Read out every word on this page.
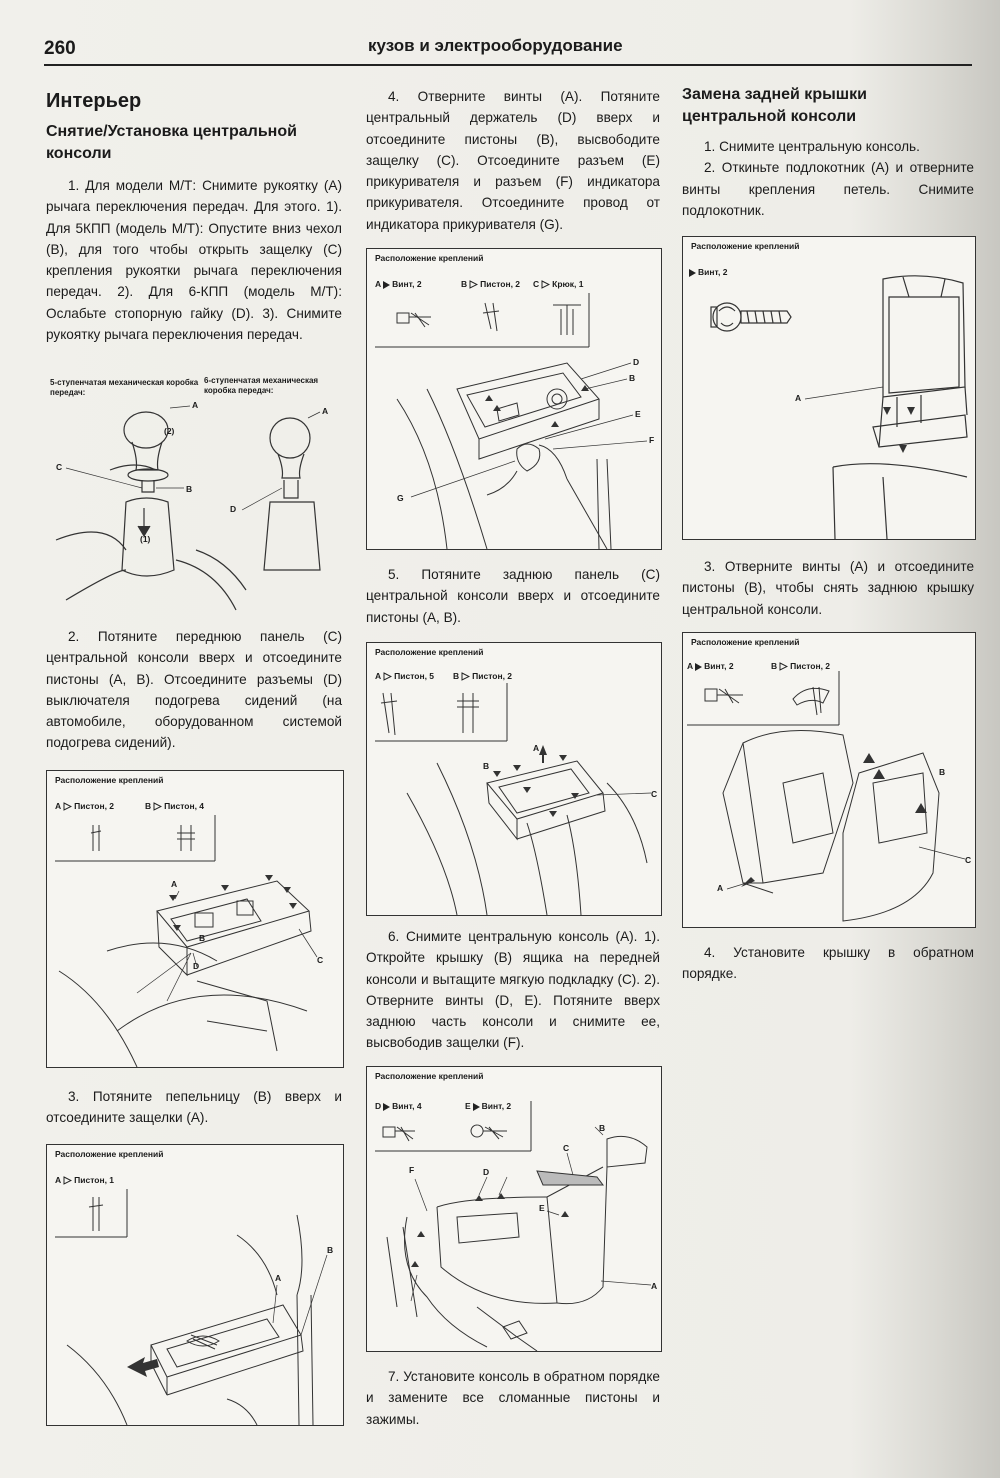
260	кузов и электрооборудование
Интерьер
Снятие/Установка центральной консоли

1. Для модели М/Т: Снимите рукоятку (А) рычага переключения передач. Для этого. 1). Для 5КПП (модель М/Т): Опустите вниз чехол (В), для того чтобы открыть защелку (С) крепления рукоятки рычага переключения передач. 2). Для 6-КПП (модель М/Т): Ослабьте стопорную гайку (D). 3). Снимите рукоятку рычага переключения передач.

5-ступенчатая механическая коробка передач:
6-ступенчатая механическая коробка передач:
A
A
(2)
C
B
D
(1)

2. Потяните переднюю панель (С) центральной консоли вверх и отсоедините пистоны (А, В). Отсоедините разъемы (D) выключателя подогрева сидений (на автомобиле, оборудованном системой подогрева сидений).

Расположение креплений
A Пистон, 2	B Пистон, 4
A
B
C
D

3. Потяните пепельницу (В) вверх и отсоедините защелки (А).

Расположение креплений
A Пистон, 1
A
B

4. Отверните винты (А). Потяните центральный держатель (D) вверх и отсоедините пистоны (В), высвободите защелку (С). Отсоедините разъем (Е) прикуривателя и разъем (F) индикатора прикуривателя. Отсоедините провод от индикатора прикуривателя (G).

Расположение креплений
A Винт, 2	B Пистон, 2 C Крюк, 1
D
B
E
F
G

5. Потяните заднюю панель (С) центральной консоли вверх и отсоедините пистоны (А, В).

Расположение креплений
A Пистон, 5 B Пистон, 2
B
A
C

6. Снимите центральную консоль (А). 1). Откройте крышку (В) ящика на передней консоли и вытащите мягкую подкладку (С). 2). Отверните винты (D, E). Потяните вверх заднюю часть консоли и снимите ее, высвободив защелки (F).

Расположение креплений
D Винт, 4	E Винт, 2
B
C
F	D
E
A

7. Установите консоль в обратном порядке и замените все сломанные пистоны и зажимы.

Замена задней крышки центральной консоли

1. Снимите центральную консоль.

2. Откиньте подлокотник (А) и отверните винты крепления петель. Снимите подлокотник.

Расположение креплений
Винт, 2
A

3. Отверните винты (А) и отсоедините пистоны (В), чтобы снять заднюю крышку центральной консоли.

Расположение креплений
A Винт, 2	B Пистон, 2
A
B
C

4. Установите крышку в обратном порядке.
